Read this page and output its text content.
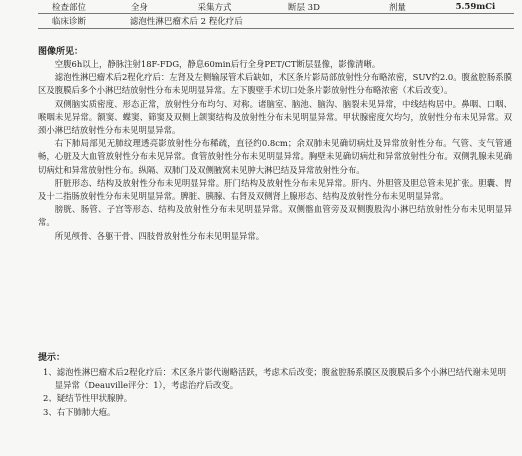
检查部位	全身	采集方式	断层 3D	剂量	5.59mCi
临床诊断	滤泡性淋巴瘤术后 2 程化疗后				
图像所见：

空腹6h以上，静脉注射18F-FDG，静息60min后行全身PET/CT断层显像，影像清晰。

滤泡性淋巴瘤术后2程化疗后：左肾及左侧输尿管术后缺如，术区条片影局部放射性分布略浓密，SUV约2.0。腹盆腔肠系膜区及腹膜后多个小淋巴结放射性分布未见明显异常。左下腹壁手术切口处条片影放射性分布略浓密（术后改变）。

双侧脑实质密度、形态正常，放射性分布均匀、对称。诸脑室、脑池、脑沟、脑裂未见异常，中线结构居中。鼻咽、口咽、喉咽未见异常。额窦、蝶窦、筛窦及双侧上颌窦结构及放射性分布未见明显异常。甲状腺密度欠均匀，放射性分布未见异常。双颈小淋巴结放射性分布未见明显异常。

右下肺局部见无肺纹理透亮影放射性分布稀疏，直径约0.8cm；余双肺未见确切病灶及异常放射性分布。气管、支气管通畅，心脏及大血管放射性分布未见异常。食管放射性分布未见明显异常。胸壁未见确切病灶和异常放射性分布。双侧乳腺未见确切病灶和异常放射性分布。纵隔、双肺门及双侧腋窝未见肿大淋巴结及异常放射性分布。

肝脏形态、结构及放射性分布未见明显异常。肝门结构及放射性分布未见异常。肝内、外胆管及胆总管未见扩张。胆囊、胃及十二指肠放射性分布未见明显异常。脾脏、胰腺、右肾及双侧肾上腺形态、结构及放射性分布未见明显异常。

膀胱、肠管、子宫等形态、结构及放射性分布未见明显异常。双侧髂血管旁及双侧腹股沟小淋巴结放射性分布未见明显异常。

所见颅骨、各躯干骨、四肢骨放射性分布未见明显异常。

提示：

1、滤泡性淋巴瘤术后2程化疗后：术区条片影代谢略活跃，考虑术后改变；腹盆腔肠系膜区及腹膜后多个小淋巴结代谢未见明显异常（Deauville评分：1），考虑治疗后改变。

2、疑结节性甲状腺肿。

3、右下肺肺大疱。
